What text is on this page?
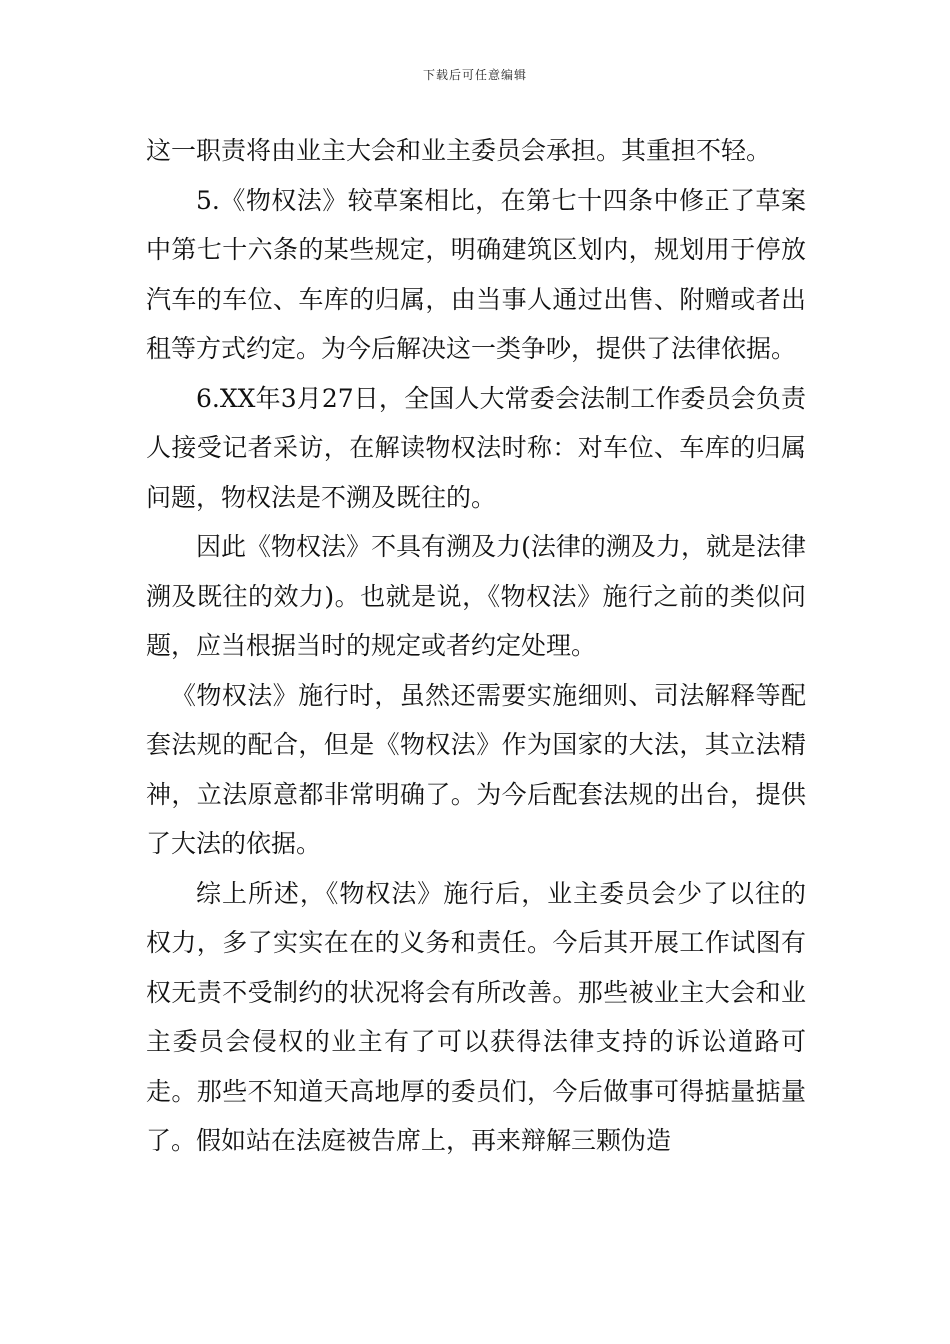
下载后可任意编辑

这一职责将由业主大会和业主委员会承担。其重担不轻。

5.《物权法》较草案相比，在第七十四条中修正了草案中第七十六条的某些规定，明确建筑区划内，规划用于停放汽车的车位、车库的归属，由当事人通过出售、附赠或者出租等方式约定。为今后解决这一类争吵，提供了法律依据。

6.XX年3月27日，全国人大常委会法制工作委员会负责人接受记者采访，在解读物权法时称：对车位、车库的归属问题，物权法是不溯及既往的。

因此《物权法》不具有溯及力(法律的溯及力，就是法律溯及既往的效力)。也就是说，《物权法》施行之前的类似问题，应当根据当时的规定或者约定处理。

《物权法》施行时，虽然还需要实施细则、司法解释等配套法规的配合，但是《物权法》作为国家的大法，其立法精神，立法原意都非常明确了。为今后配套法规的出台，提供了大法的依据。

综上所述，《物权法》施行后，业主委员会少了以往的权力，多了实实在在的义务和责任。今后其开展工作试图有权无责不受制约的状况将会有所改善。那些被业主大会和业主委员会侵权的业主有了可以获得法律支持的诉讼道路可走。那些不知道天高地厚的委员们，今后做事可得掂量掂量了。假如站在法庭被告席上，再来辩解三颗伪造
